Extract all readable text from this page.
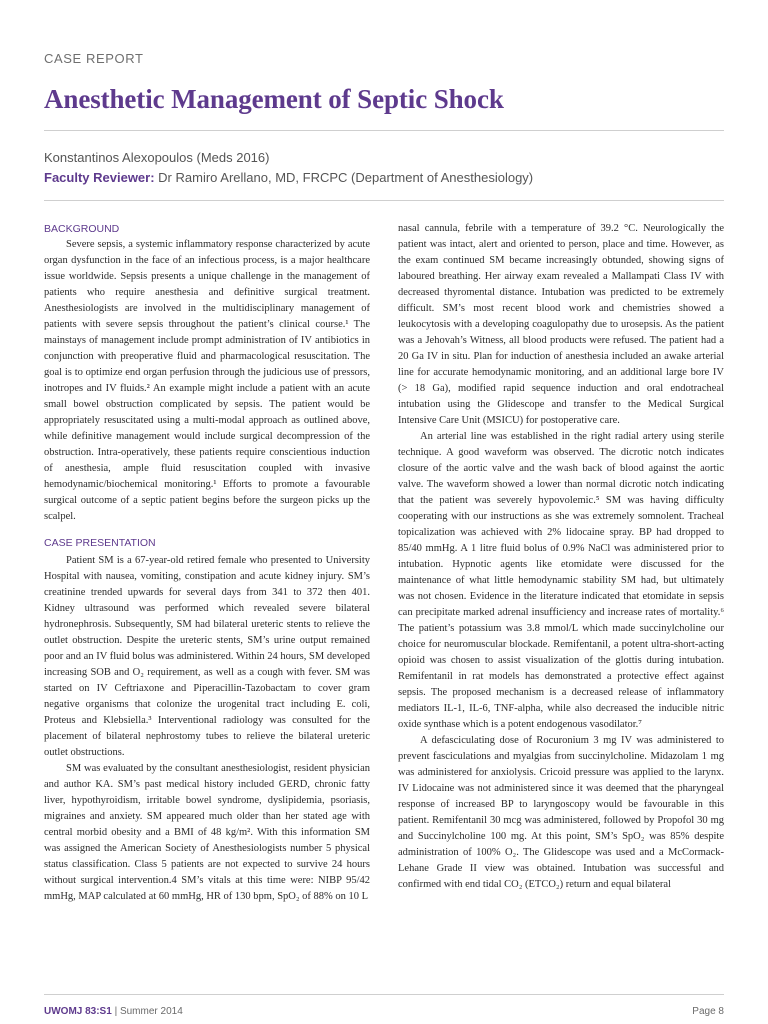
CASE REPORT
Anesthetic Management of Septic Shock
Konstantinos Alexopoulos (Meds 2016)
Faculty Reviewer: Dr Ramiro Arellano, MD, FRCPC (Department of Anesthesiology)
BACKGROUND

Severe sepsis, a systemic inflammatory response characterized by acute organ dysfunction in the face of an infectious process, is a major healthcare issue worldwide. Sepsis presents a unique challenge in the management of patients who require anesthesia and definitive surgical treatment. Anesthesiologists are involved in the multidisciplinary management of patients with severe sepsis throughout the patient’s clinical course.¹ The mainstays of management include prompt administration of IV antibiotics in conjunction with preoperative fluid and pharmacological resuscitation. The goal is to optimize end organ perfusion through the judicious use of pressors, inotropes and IV fluids.² An example might include a patient with an acute small bowel obstruction complicated by sepsis. The patient would be appropriately resuscitated using a multi-modal approach as outlined above, while definitive management would include surgical decompression of the obstruction. Intra-operatively, these patients require conscientious induction of anesthesia, ample fluid resuscitation coupled with invasive hemodynamic/biochemical monitoring.¹ Efforts to promote a favourable surgical outcome of a septic patient begins before the surgeon picks up the scalpel.

CASE PRESENTATION

Patient SM is a 67-year-old retired female who presented to University Hospital with nausea, vomiting, constipation and acute kidney injury. SM’s creatinine trended upwards for several days from 341 to 372 then 401. Kidney ultrasound was performed which revealed severe bilateral hydronephrosis. Subsequently, SM had bilateral ureteric stents to relieve the outlet obstruction. Despite the ureteric stents, SM’s urine output remained poor and an IV fluid bolus was administered. Within 24 hours, SM developed increasing SOB and O₂ requirement, as well as a cough with fever. SM was started on IV Ceftriaxone and Piperacillin-Tazobactam to cover gram negative organisms that colonize the urogenital tract including E. coli, Proteus and Klebsiella.³ Interventional radiology was consulted for the placement of bilateral nephrostomy tubes to relieve the bilateral ureteric outlet obstructions.

SM was evaluated by the consultant anesthesiologist, resident physician and author KA. SM’s past medical history included GERD, chronic fatty liver, hypothyroidism, irritable bowel syndrome, dyslipidemia, psoriasis, migraines and anxiety. SM appeared much older than her stated age with central morbid obesity and a BMI of 48 kg/m². With this information SM was assigned the American Society of Anesthesiologists number 5 physical status classification. Class 5 patients are not expected to survive 24 hours without surgical intervention.4 SM’s vitals at this time were: NIBP 95/42 mmHg, MAP calculated at 60 mmHg, HR of 130 bpm, SpO₂ of 88% on 10 L

nasal cannula, febrile with a temperature of 39.2 °C. Neurologically the patient was intact, alert and oriented to person, place and time. However, as the exam continued SM became increasingly obtunded, showing signs of laboured breathing. Her airway exam revealed a Mallampati Class IV with decreased thyromental distance. Intubation was predicted to be extremely difficult. SM’s most recent blood work and chemistries showed a leukocytosis with a developing coagulopathy due to urosepsis. As the patient was a Jehovah’s Witness, all blood products were refused. The patient had a 20 Ga IV in situ. Plan for induction of anesthesia included an awake arterial line for accurate hemodynamic monitoring, and an additional large bore IV (> 18 Ga), modified rapid sequence induction and oral endotracheal intubation using the Glidescope and transfer to the Medical Surgical Intensive Care Unit (MSICU) for postoperative care.

An arterial line was established in the right radial artery using sterile technique. A good waveform was observed. The dicrotic notch indicates closure of the aortic valve and the wash back of blood against the aortic valve. The waveform showed a lower than normal dicrotic notch indicating that the patient was severely hypovolemic.⁵ SM was having difficulty cooperating with our instructions as she was extremely somnolent. Tracheal topicalization was achieved with 2% lidocaine spray. BP had dropped to 85/40 mmHg. A 1 litre fluid bolus of 0.9% NaCl was administered prior to intubation. Hypnotic agents like etomidate were discussed for the maintenance of what little hemodynamic stability SM had, but ultimately was not chosen. Evidence in the literature indicated that etomidate in sepsis can precipitate marked adrenal insufficiency and increase rates of mortality.⁶ The patient’s potassium was 3.8 mmol/L which made succinylcholine our choice for neuromuscular blockade. Remifentanil, a potent ultra-short-acting opioid was chosen to assist visualization of the glottis during intubation. Remifentanil in rat models has demonstrated a protective effect against sepsis. The proposed mechanism is a decreased release of inflammatory mediators IL-1, IL-6, TNF-alpha, while also decreased the inducible nitric oxide synthase which is a potent endogenous vasodilator.⁷

A defasciculating dose of Rocuronium 3 mg IV was administered to prevent fasciculations and myalgias from succinylcholine. Midazolam 1 mg was administered for anxiolysis. Cricoid pressure was applied to the larynx. IV Lidocaine was not administered since it was deemed that the pharyngeal response of increased BP to laryngoscopy would be favourable in this patient. Remifentanil 30 mcg was administered, followed by Propofol 30 mg and Succinylcholine 100 mg. At this point, SM’s SpO₂ was 85% despite administration of 100% O₂. The Glidescope was used and a McCormack-Lehane Grade II view was obtained. Intubation was successful and confirmed with end tidal CO₂ (ETCO₂) return and equal bilateral

UWOMJ 83:S1 | Summer 2014	Page 8
